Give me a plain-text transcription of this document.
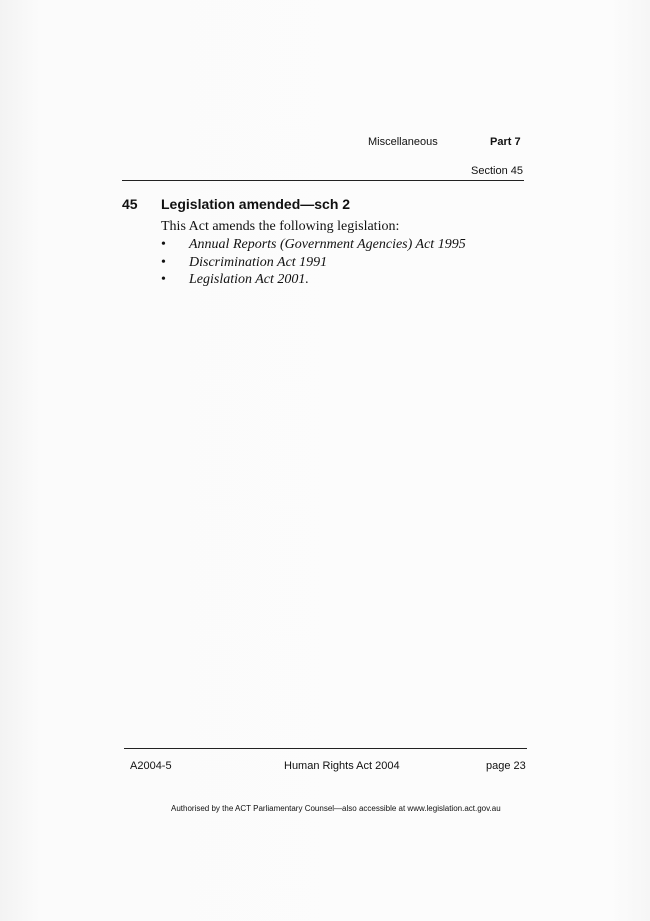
Miscellaneous	Part 7
Section 45
45 Legislation amended—sch 2
This Act amends the following legislation:
• Annual Reports (Government Agencies) Act 1995
• Discrimination Act 1991
• Legislation Act 2001.
A2004-5	Human Rights Act 2004	page 23
Authorised by the ACT Parliamentary Counsel—also accessible at www.legislation.act.gov.au
